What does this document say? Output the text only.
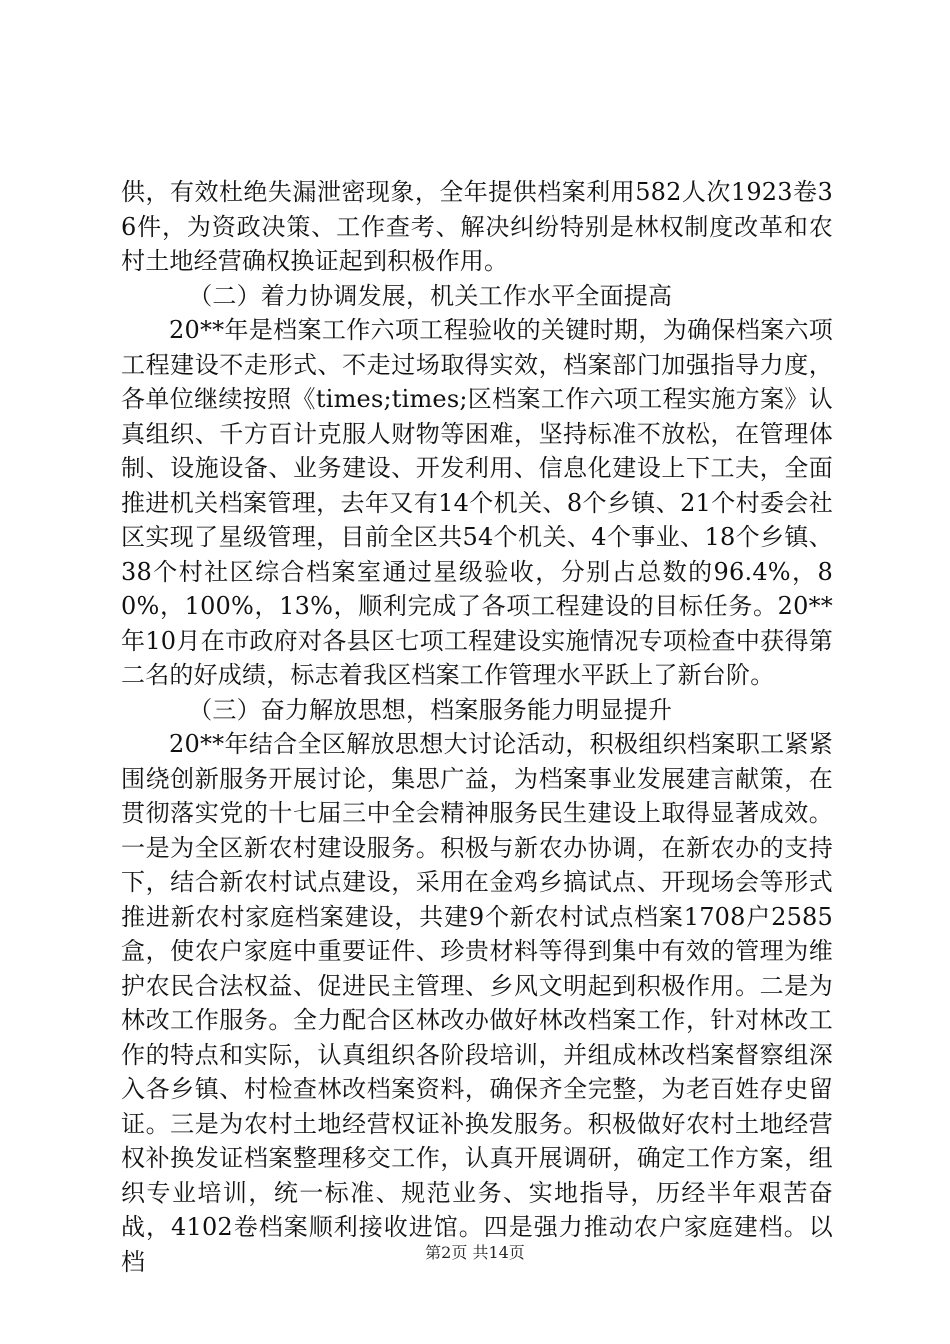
供，有效杜绝失漏泄密现象，全年提供档案利用582人次1923卷36件，为资政决策、工作查考、解决纠纷特别是林权制度改革和农村土地经营确权换证起到积极作用。

（二）着力协调发展，机关工作水平全面提高

20**年是档案工作六项工程验收的关键时期，为确保档案六项工程建设不走形式、不走过场取得实效，档案部门加强指导力度，各单位继续按照《times;times;区档案工作六项工程实施方案》认真组织、千方百计克服人财物等困难，坚持标准不放松，在管理体制、设施设备、业务建设、开发利用、信息化建设上下工夫，全面推进机关档案管理，去年又有14个机关、8个乡镇、21个村委会社区实现了星级管理，目前全区共54个机关、4个事业、18个乡镇、38个村社区综合档案室通过星级验收，分别占总数的96.4%，80%，100%，13%，顺利完成了各项工程建设的目标任务。20**年10月在市政府对各县区七项工程建设实施情况专项检查中获得第二名的好成绩，标志着我区档案工作管理水平跃上了新台阶。

（三）奋力解放思想，档案服务能力明显提升

20**年结合全区解放思想大讨论活动，积极组织档案职工紧紧围绕创新服务开展讨论，集思广益，为档案事业发展建言献策，在贯彻落实党的十七届三中全会精神服务民生建设上取得显著成效。一是为全区新农村建设服务。积极与新农办协调，在新农办的支持下，结合新农村试点建设，采用在金鸡乡搞试点、开现场会等形式推进新农村家庭档案建设，共建9个新农村试点档案1708户2585盒，使农户家庭中重要证件、珍贵材料等得到集中有效的管理为维护农民合法权益、促进民主管理、乡风文明起到积极作用。二是为林改工作服务。全力配合区林改办做好林改档案工作，针对林改工作的特点和实际，认真组织各阶段培训，并组成林改档案督察组深入各乡镇、村检查林改档案资料，确保齐全完整，为老百姓存史留证。三是为农村土地经营权证补换发服务。积极做好农村土地经营权补换发证档案整理移交工作，认真开展调研，确定工作方案，组织专业培训，统一标准、规范业务、实地指导，历经半年艰苦奋战，4102卷档案顺利接收进馆。四是强力推动农户家庭建档。以档	第2页 共14页
